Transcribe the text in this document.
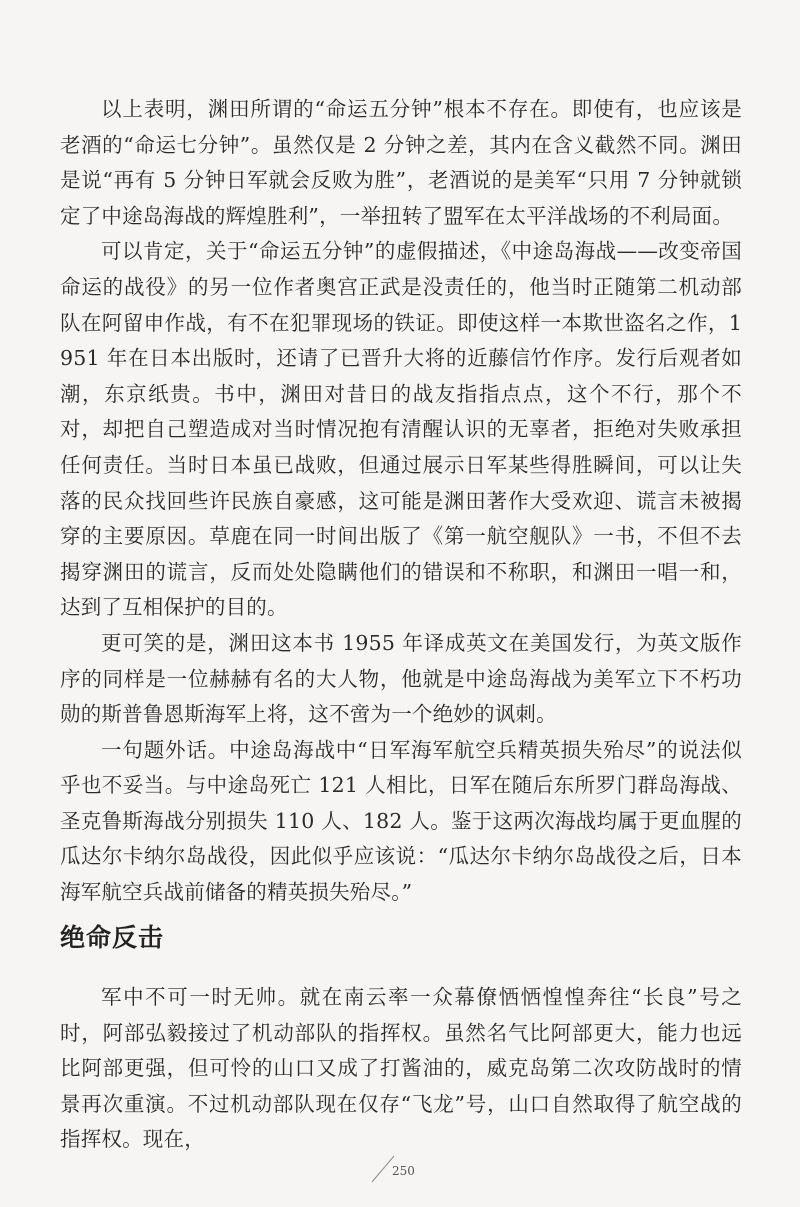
以上表明，渊田所谓的“命运五分钟”根本不存在。即使有，也应该是老酒的“命运七分钟”。虽然仅是 2 分钟之差，其内在含义截然不同。渊田是说“再有 5 分钟日军就会反败为胜”，老酒说的是美军“只用 7 分钟就锁定了中途岛海战的辉煌胜利”，一举扭转了盟军在太平洋战场的不利局面。

可以肯定，关于“命运五分钟”的虚假描述，《中途岛海战——改变帝国命运的战役》的另一位作者奥宫正武是没责任的，他当时正随第二机动部队在阿留申作战，有不在犯罪现场的铁证。即使这样一本欺世盗名之作，1951 年在日本出版时，还请了已晋升大将的近藤信竹作序。发行后观者如潮，东京纸贵。书中，渊田对昔日的战友指指点点，这个不行，那个不对，却把自己塑造成对当时情况抱有清醒认识的无辜者，拒绝对失败承担任何责任。当时日本虽已战败，但通过展示日军某些得胜瞬间，可以让失落的民众找回些许民族自豪感，这可能是渊田著作大受欢迎、谎言未被揭穿的主要原因。草鹿在同一时间出版了《第一航空舰队》一书，不但不去揭穿渊田的谎言，反而处处隐瞒他们的错误和不称职，和渊田一唱一和，达到了互相保护的目的。

更可笑的是，渊田这本书 1955 年译成英文在美国发行，为英文版作序的同样是一位赫赫有名的大人物，他就是中途岛海战为美军立下不朽功勋的斯普鲁恩斯海军上将，这不啻为一个绝妙的讽刺。

一句题外话。中途岛海战中“日军海军航空兵精英损失殆尽”的说法似乎也不妥当。与中途岛死亡 121 人相比，日军在随后东所罗门群岛海战、圣克鲁斯海战分别损失 110 人、182 人。鉴于这两次海战均属于更血腥的瓜达尔卡纳尔岛战役，因此似乎应该说：“瓜达尔卡纳尔岛战役之后，日本海军航空兵战前储备的精英损失殆尽。”

绝命反击

军中不可一时无帅。就在南云率一众幕僚恓恓惶惶奔往“长良”号之时，阿部弘毅接过了机动部队的指挥权。虽然名气比阿部更大，能力也远比阿部更强，但可怜的山口又成了打酱油的，威克岛第二次攻防战时的情景再次重演。不过机动部队现在仅存“飞龙”号，山口自然取得了航空战的指挥权。现在，

250
